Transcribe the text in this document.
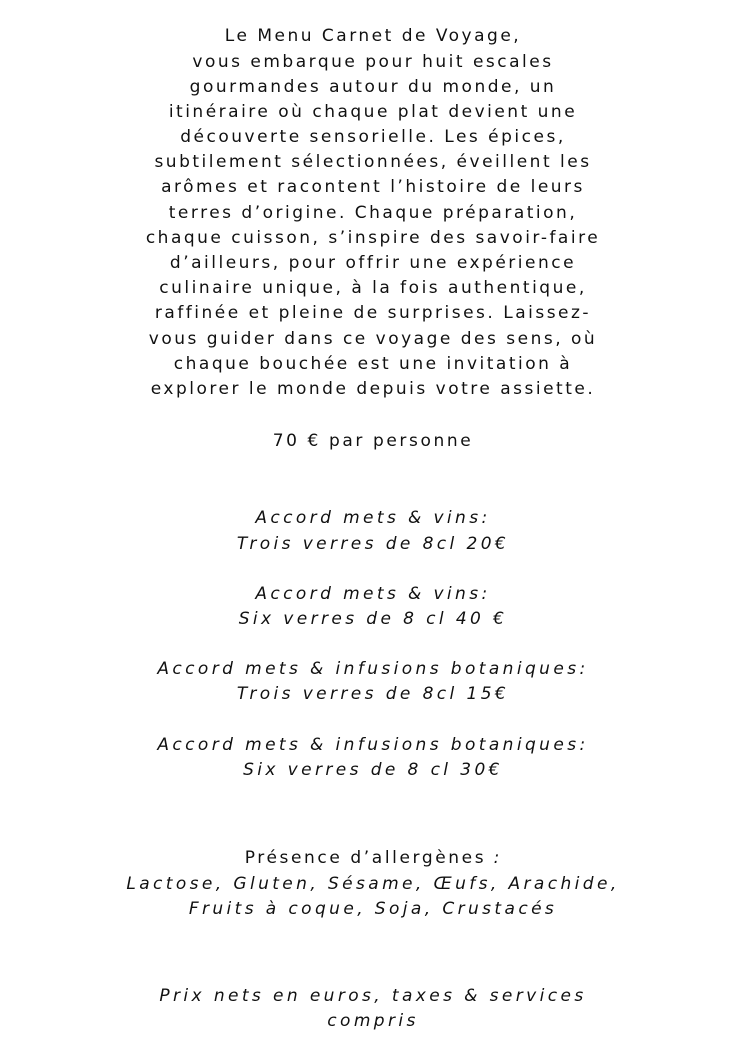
Le Menu Carnet de Voyage,
vous embarque pour huit escales
gourmandes autour du monde, un
itinéraire où chaque plat devient une
découverte sensorielle. Les épices,
subtilement sélectionnées, éveillent les
arômes et racontent l’histoire de leurs
terres d’origine. Chaque préparation,
chaque cuisson, s’inspire des savoir-faire
d’ailleurs, pour offrir une expérience
culinaire unique, à la fois authentique,
raffinée et pleine de surprises. Laissez-
vous guider dans ce voyage des sens, où
chaque bouchée est une invitation à
explorer le monde depuis votre assiette.
70 € par personne
Accord mets & vins:
Trois verres de 8cl 20€
Accord mets & vins:
Six verres de 8 cl 40 €
Accord mets & infusions botaniques:
Trois verres de 8cl 15€
Accord mets & infusions botaniques:
Six verres de 8 cl 30€
Présence d’allergènes :
Lactose, Gluten, Sésame, Œufs, Arachide,
Fruits à coque, Soja, Crustacés
Prix nets en euros, taxes & services
compris
